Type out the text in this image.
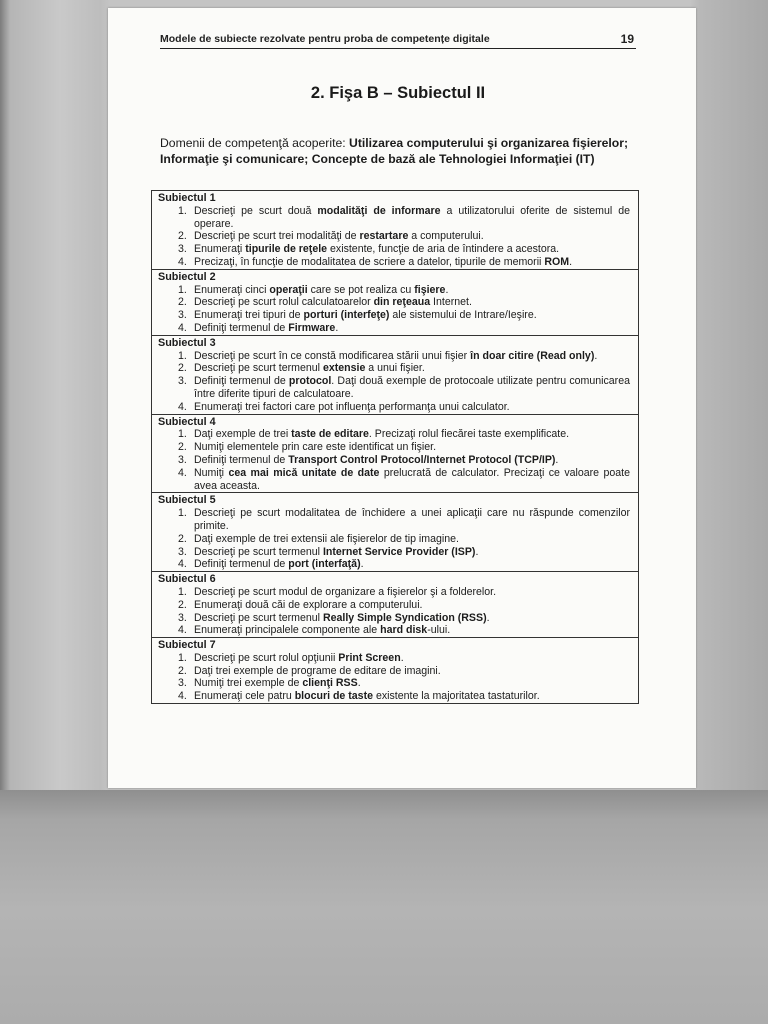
Modele de subiecte rezolvate pentru proba de competențe digitale	19
2. Fişa B – Subiectul II
Domenii de competenţă acoperite: Utilizarea computerului şi organizarea fişierelor; Informaţie şi comunicare; Concepte de bază ale Tehnologiei Informaţiei (IT)
Subiectul 1
1. Descrieţi pe scurt două modalităţi de informare a utilizatorului oferite de sistemul de operare.
2. Descrieţi pe scurt trei modalităţi de restartare a computerului.
3. Enumeraţi tipurile de reţele existente, funcţie de aria de întindere a acestora.
4. Precizaţi, în funcţie de modalitatea de scriere a datelor, tipurile de memorii ROM.
Subiectul 2
1. Enumeraţi cinci operaţii care se pot realiza cu fişiere.
2. Descrieţi pe scurt rolul calculatoarelor din reţeaua Internet.
3. Enumeraţi trei tipuri de porturi (interfeţe) ale sistemului de Intrare/Ieşire.
4. Definiţi termenul de Firmware.
Subiectul 3
1. Descrieţi pe scurt în ce constă modificarea stării unui fişier în doar citire (Read only).
2. Descrieţi pe scurt termenul extensie a unui fişier.
3. Definiţi termenul de protocol. Daţi două exemple de protocoale utilizate pentru comunicarea între diferite tipuri de calculatoare.
4. Enumeraţi trei factori care pot influenţa performanţa unui calculator.
Subiectul 4
1. Daţi exemple de trei taste de editare. Precizaţi rolul fiecărei taste exemplificate.
2. Numiţi elementele prin care este identificat un fişier.
3. Definiţi termenul de Transport Control Protocol/Internet Protocol (TCP/IP).
4. Numiţi cea mai mică unitate de date prelucrată de calculator. Precizaţi ce valoare poate avea aceasta.
Subiectul 5
1. Descrieţi pe scurt modalitatea de închidere a unei aplicaţii care nu răspunde comenzilor primite.
2. Daţi exemple de trei extensii ale fişierelor de tip imagine.
3. Descrieţi pe scurt termenul Internet Service Provider (ISP).
4. Definiţi termenul de port (interfaţă).
Subiectul 6
1. Descrieţi pe scurt modul de organizare a fişierelor şi a folderelor.
2. Enumeraţi două căi de explorare a computerului.
3. Descrieţi pe scurt termenul Really Simple Syndication (RSS).
4. Enumeraţi principalele componente ale hard disk-ului.
Subiectul 7
1. Descrieţi pe scurt rolul opţiunii Print Screen.
2. Daţi trei exemple de programe de editare de imagini.
3. Numiţi trei exemple de clienţi RSS.
4. Enumeraţi cele patru blocuri de taste existente la majoritatea tastaturilor.
